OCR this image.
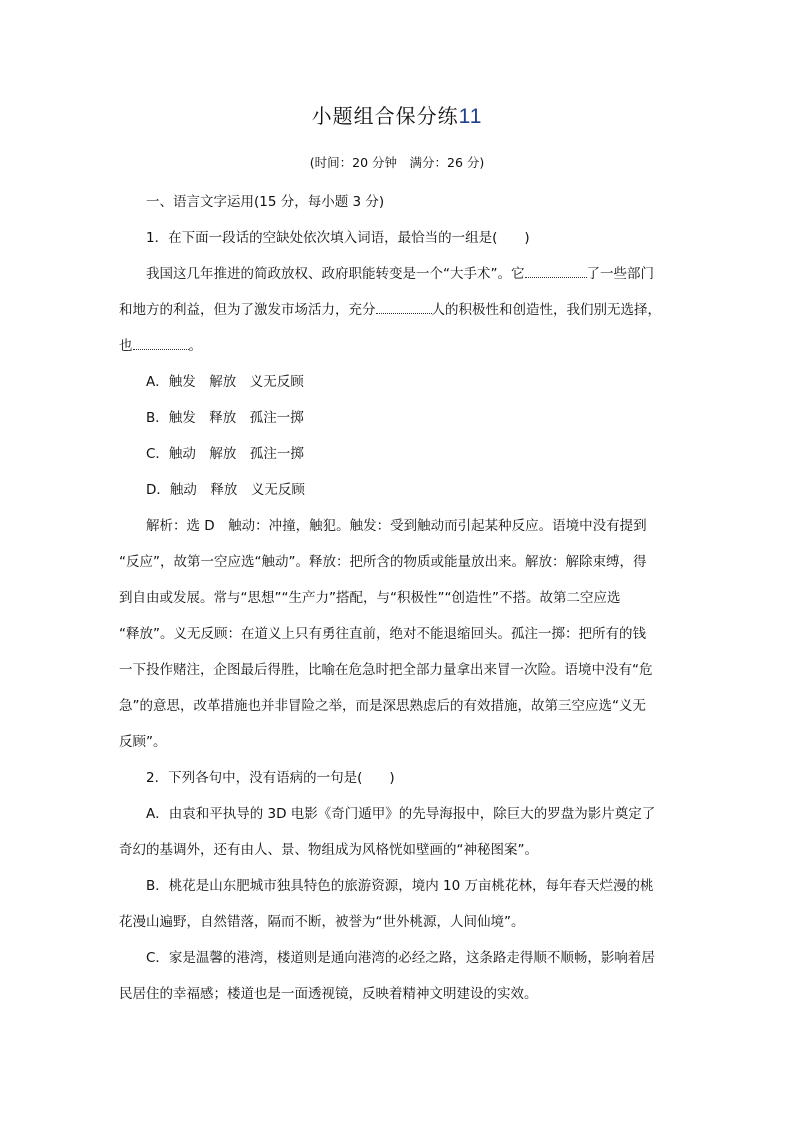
小题组合保分练11
(时间：20 分钟　满分：26 分)

一、语言文字运用(15 分，每小题 3 分)

1．在下面一段话的空缺处依次填入词语，最恰当的一组是(　　)

我国这几年推进的简政放权、政府职能转变是一个“大手术”。它	了一些部门

和地方的利益，但为了激发市场活力，充分	人的积极性和创造性，我们别无选择，

也	。

A．触发　解放　义无反顾

B．触发　释放　孤注一掷

C．触动　解放　孤注一掷

D．触动　释放　义无反顾

解析：选 D　触动：冲撞，触犯。触发：受到触动而引起某种反应。语境中没有提到

“反应”，故第一空应选“触动”。释放：把所含的物质或能量放出来。解放：解除束缚，得

到自由或发展。常与“思想”“生产力”搭配，与“积极性”“创造性”不搭。故第二空应选

“释放”。义无反顾：在道义上只有勇往直前，绝对不能退缩回头。孤注一掷：把所有的钱

一下投作赌注，企图最后得胜，比喻在危急时把全部力量拿出来冒一次险。语境中没有“危

急”的意思，改革措施也并非冒险之举，而是深思熟虑后的有效措施，故第三空应选“义无

反顾”。

2．下列各句中，没有语病的一句是(　　)

A．由袁和平执导的 3D 电影《奇门遁甲》的先导海报中，除巨大的罗盘为影片奠定了

奇幻的基调外，还有由人、景、物组成为风格恍如壁画的“神秘图案”。

B．桃花是山东肥城市独具特色的旅游资源，境内 10 万亩桃花林，每年春天烂漫的桃

花漫山遍野，自然错落，隔而不断，被誉为“世外桃源，人间仙境”。

C．家是温馨的港湾，楼道则是通向港湾的必经之路，这条路走得顺不顺畅，影响着居

民居住的幸福感；楼道也是一面透视镜，反映着精神文明建设的实效。
